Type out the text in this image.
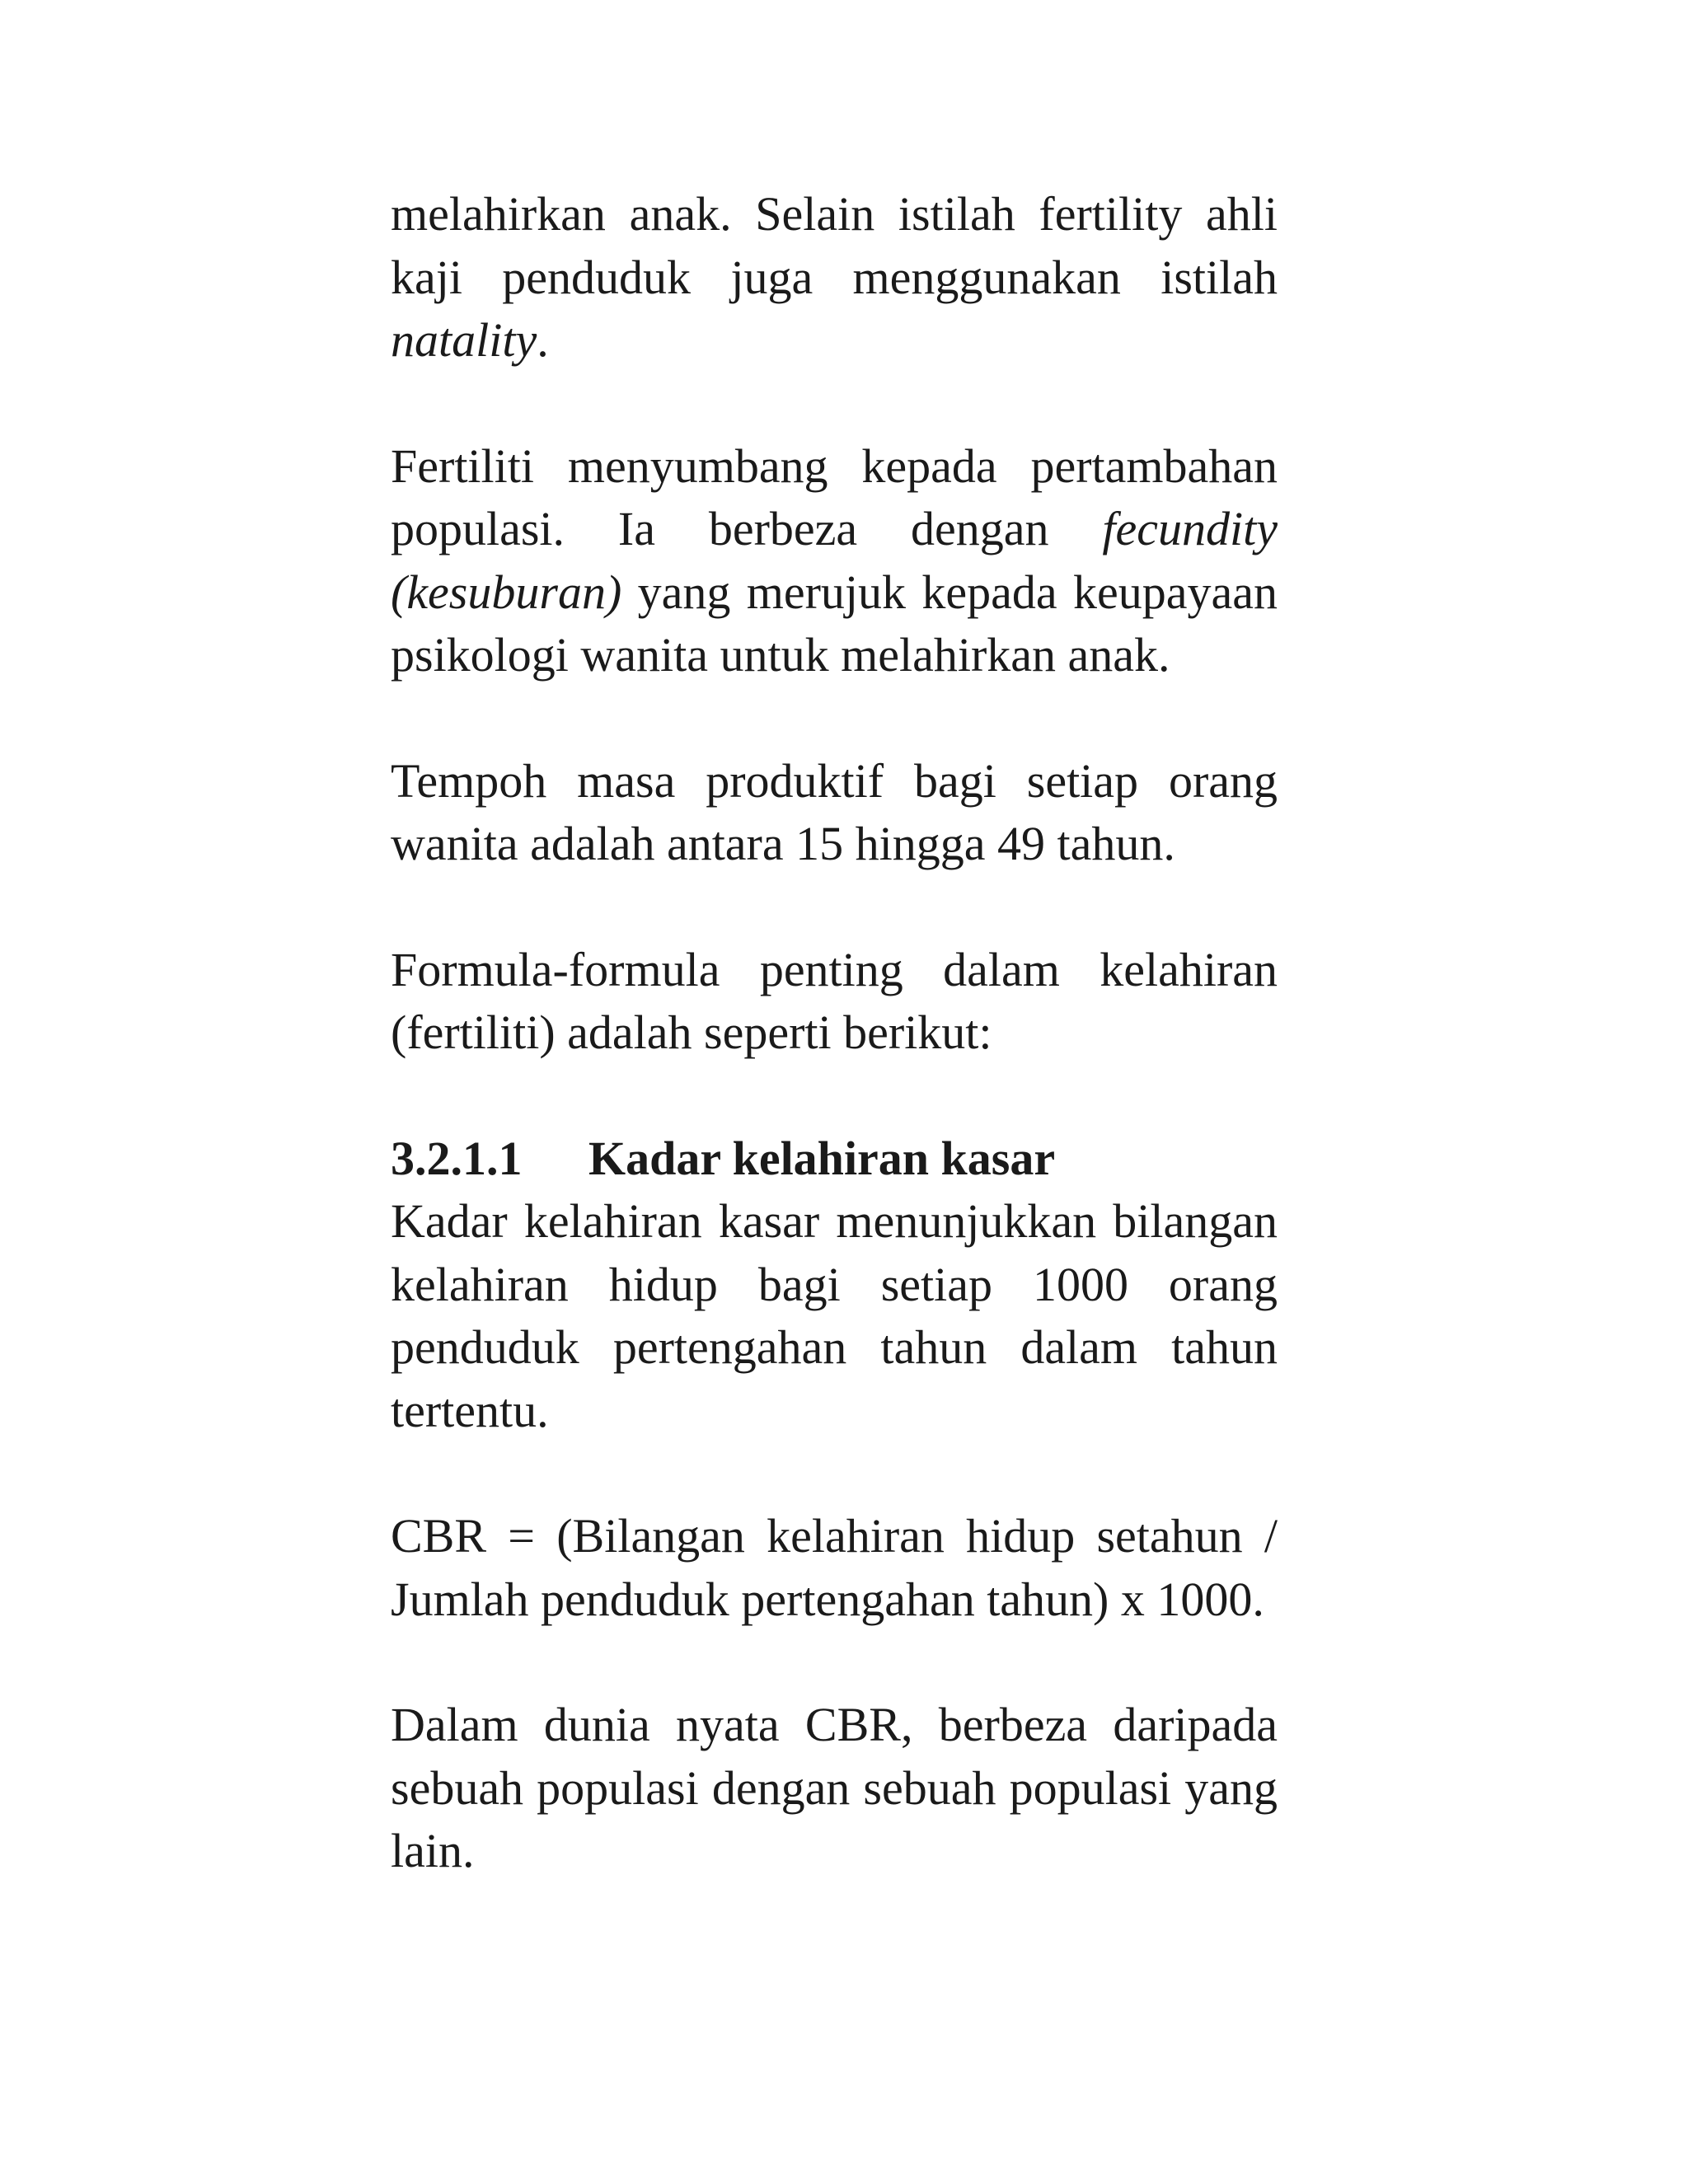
melahirkan anak. Selain istilah fertility ahli kaji penduduk juga menggunakan istilah natality.

Fertiliti menyumbang kepada pertambahan populasi. Ia berbeza dengan fecundity (kesuburan) yang merujuk kepada keupayaan psikologi wanita untuk melahirkan anak.

Tempoh masa produktif bagi setiap orang wanita adalah antara 15 hingga 49 tahun.

Formula-formula penting dalam kelahiran (fertiliti) adalah seperti berikut:

3.2.1.1 Kadar kelahiran kasar

Kadar kelahiran kasar menunjukkan bilangan kelahiran hidup bagi setiap 1000 orang penduduk pertengahan tahun dalam tahun tertentu.

CBR = (Bilangan kelahiran hidup setahun / Jumlah penduduk pertengahan tahun) x 1000.

Dalam dunia nyata CBR, berbeza daripada sebuah populasi dengan sebuah populasi yang lain.
